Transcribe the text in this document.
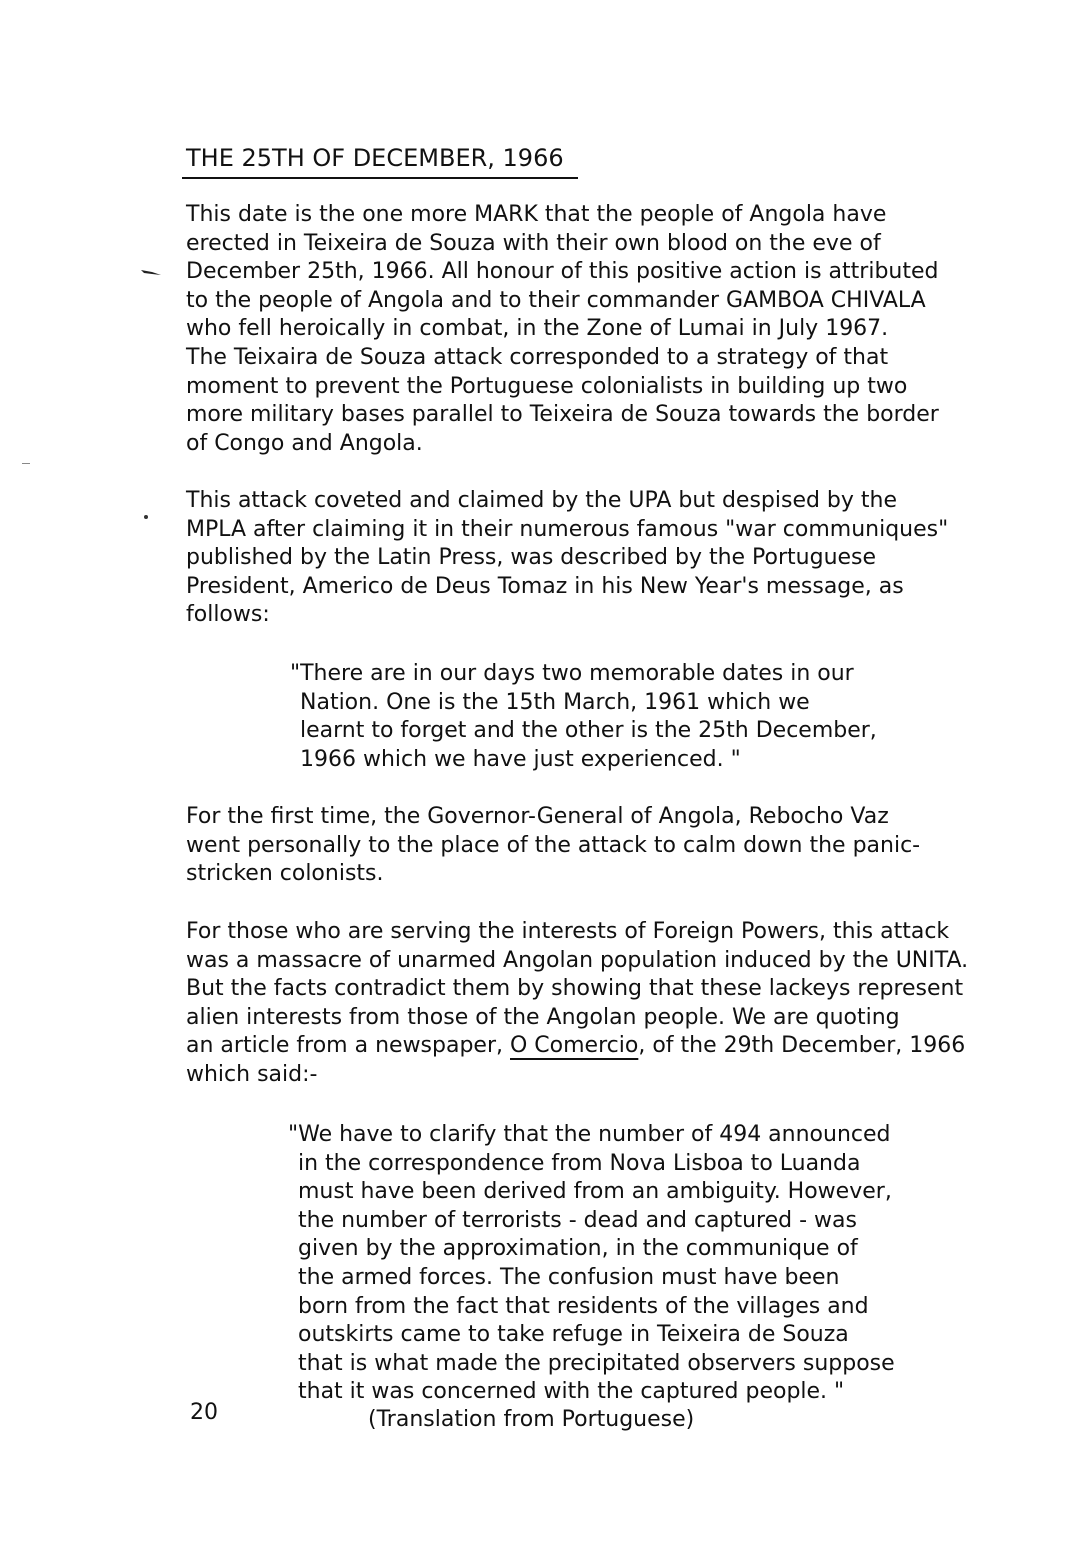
THE 25TH OF DECEMBER, 1966
This date is the one more MARK that the people of Angola have
erected in Teixeira de Souza with their own blood on the eve of
December 25th, 1966. All honour of this positive action is attributed
to the people of Angola and to their commander GAMBOA CHIVALA
who fell heroically in combat, in the Zone of Lumai in July 1967.
The Teixaira de Souza attack corresponded to a strategy of that
moment to prevent the Portuguese colonialists in building up two
more military bases parallel to Teixeira de Souza towards the border
of Congo and Angola.
This attack coveted and claimed by the UPA but despised by the
MPLA after claiming it in their numerous famous "war communiques"
published by the Latin Press, was described by the Portuguese
President, Americo de Deus Tomaz in his New Year's message, as
follows:
"There are in our days two memorable dates in our
Nation. One is the 15th March, 1961 which we
learnt to forget and the other is the 25th December,
1966 which we have just experienced. "
For the first time, the Governor-General of Angola, Rebocho Vaz
went personally to the place of the attack to calm down the panic-
stricken colonists.
For those who are serving the interests of Foreign Powers, this attack
was a massacre of unarmed Angolan population induced by the UNITA.
But the facts contradict them by showing that these lackeys represent
alien interests from those of the Angolan people. We are quoting
an article from a newspaper, O Comercio, of the 29th December, 1966
which said:-
"We have to clarify that the number of 494 announced
in the correspondence from Nova Lisboa to Luanda
must have been derived from an ambiguity. However,
the number of terrorists - dead and captured - was
given by the approximation, in the communique of
the armed forces. The confusion must have been
born from the fact that residents of the villages and
outskirts came to take refuge in Teixeira de Souza
that is what made the precipitated observers suppose
that it was concerned with the captured people. "
20	(Translation from Portuguese)
